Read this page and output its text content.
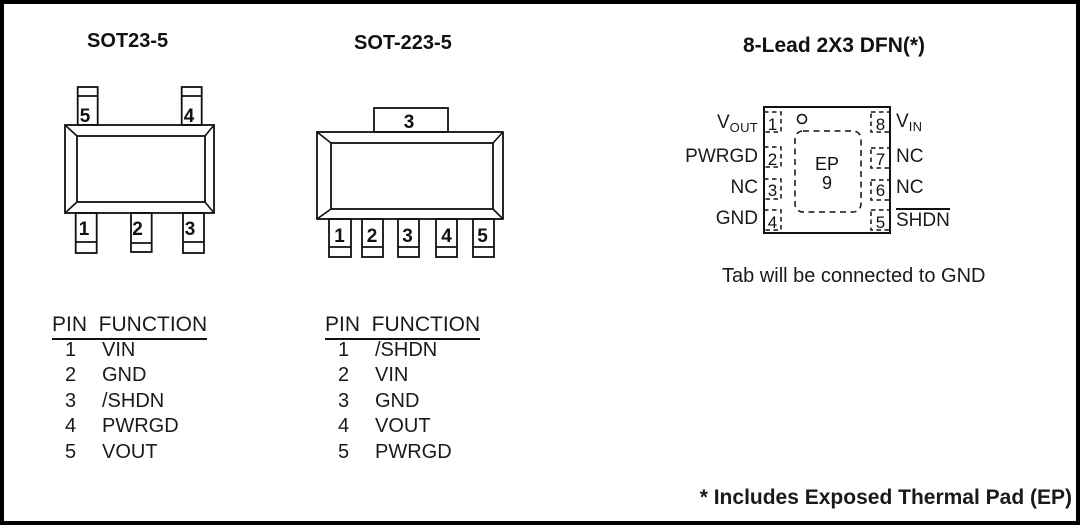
SOT23-5
5	4
1 2 3
SOT-223-5
3
1 2 3 4 5
8-Lead 2X3 DFN(*)
1
2
3
4
8
7
6
5
EP
9
$V_{OUT}$
PWRGD
NC
GND
$V_{IN}$
NC
NC
SHDN
Tab will be connected to GND
PIN  FUNCTION
1 VIN
2 GND
3 /SHDN
4 PWRGD
5 VOUT
PIN  FUNCTION
1 /SHDN
2 VIN
3 GND
4 VOUT
5 PWRGD
* Includes Exposed Thermal Pad (EP)
